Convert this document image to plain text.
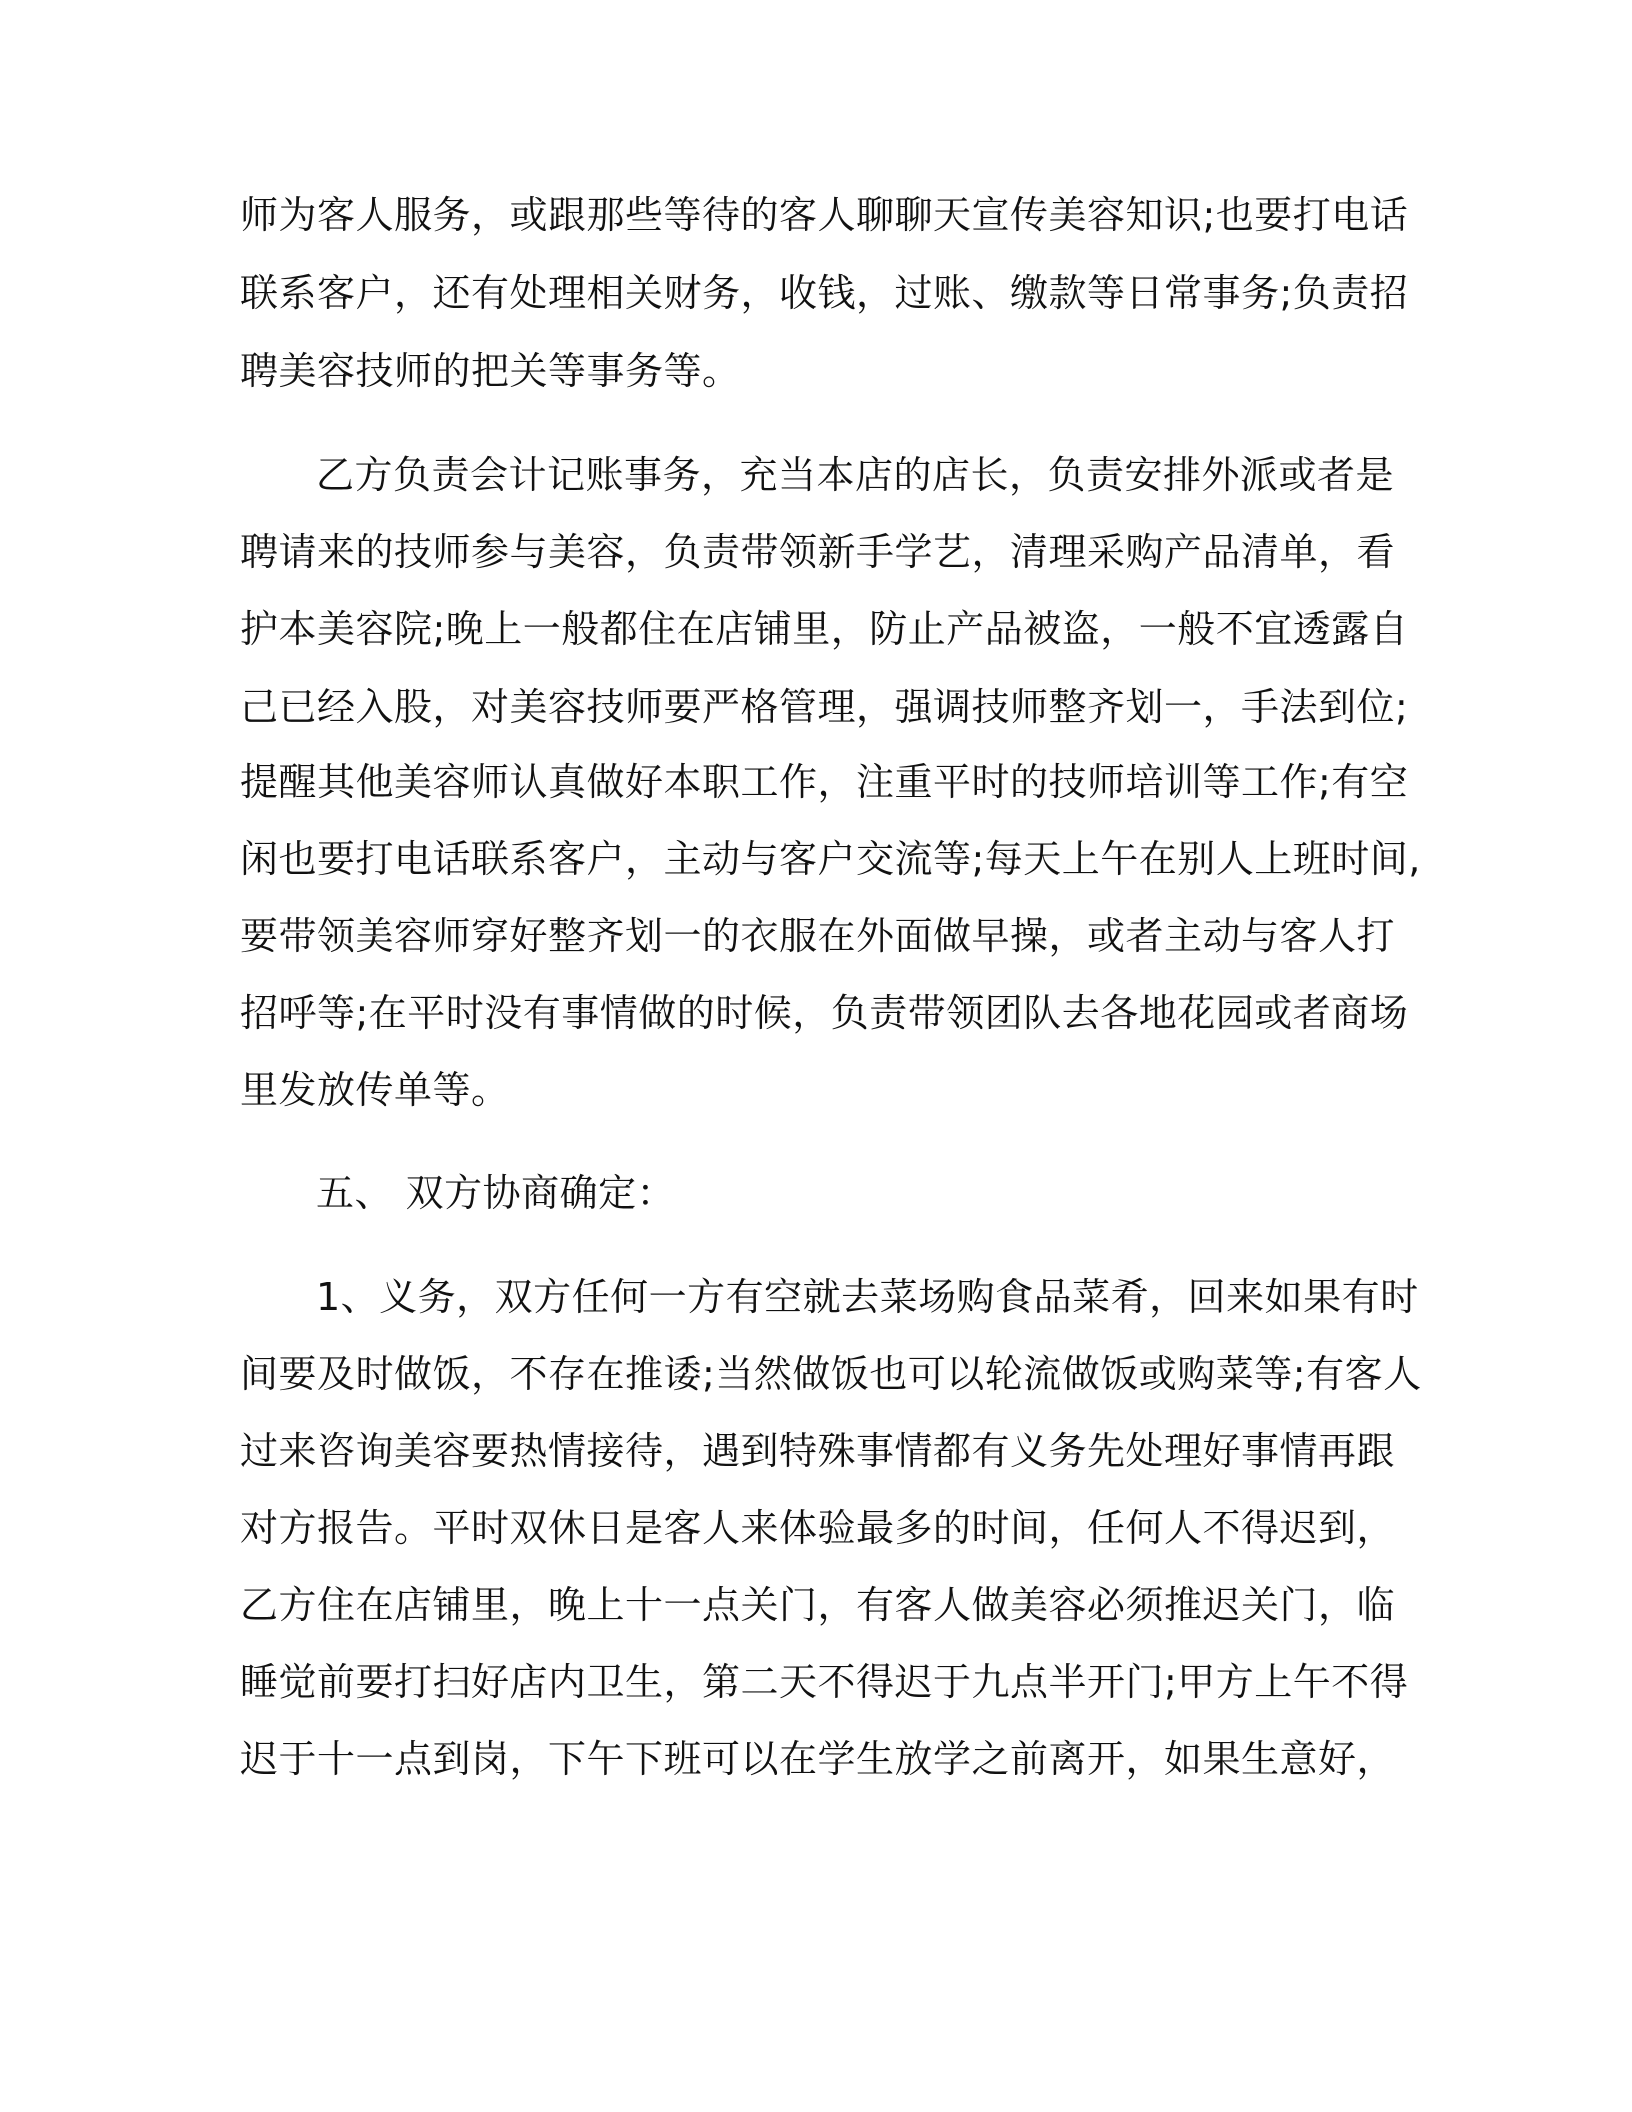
师为客人服务，或跟那些等待的客人聊聊天宣传美容知识;也要打电话

联系客户，还有处理相关财务，收钱，过账、缴款等日常事务;负责招

聘美容技师的把关等事务等。

乙方负责会计记账事务，充当本店的店长，负责安排外派或者是

聘请来的技师参与美容，负责带领新手学艺，清理采购产品清单，看

护本美容院;晚上一般都住在店铺里，防止产品被盗，一般不宜透露自

己已经入股，对美容技师要严格管理，强调技师整齐划一，手法到位;

提醒其他美容师认真做好本职工作，注重平时的技师培训等工作;有空

闲也要打电话联系客户，主动与客户交流等;每天上午在别人上班时间,

要带领美容师穿好整齐划一的衣服在外面做早操，或者主动与客人打

招呼等;在平时没有事情做的时候，负责带领团队去各地花园或者商场

里发放传单等。

五、 双方协商确定：

1、义务，双方任何一方有空就去菜场购食品菜肴，回来如果有时

间要及时做饭，不存在推诿;当然做饭也可以轮流做饭或购菜等;有客人

过来咨询美容要热情接待，遇到特殊事情都有义务先处理好事情再跟

对方报告。平时双休日是客人来体验最多的时间，任何人不得迟到，

乙方住在店铺里，晚上十一点关门，有客人做美容必须推迟关门，临

睡觉前要打扫好店内卫生，第二天不得迟于九点半开门;甲方上午不得

迟于十一点到岗，下午下班可以在学生放学之前离开，如果生意好，
